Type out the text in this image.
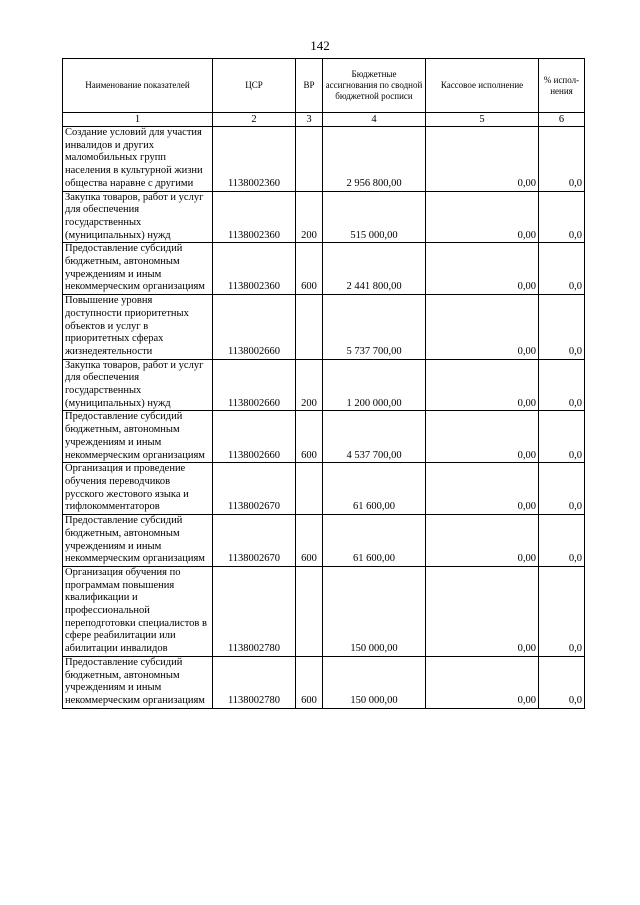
142
Наименование показателей	ЦСР	ВР	Бюджетные ассигнования по сводной бюджетной росписи	Кассовое исполнение	% испол-нения
1	2	3	4	5	6
Создание условий для участия инвалидов и других маломобильных групп населения в культурной жизни общества наравне с другими	1138002360		2 956 800,00	0,00	0,0
Закупка товаров, работ и услуг для обеспечения государственных (муниципальных) нужд	1138002360	200	515 000,00	0,00	0,0
Предоставление субсидий бюджетным, автономным учреждениям и иным некоммерческим организациям	1138002360	600	2 441 800,00	0,00	0,0
Повышение уровня доступности приоритетных объектов и услуг в приоритетных сферах жизнедеятельности	1138002660		5 737 700,00	0,00	0,0
Закупка товаров, работ и услуг для обеспечения государственных (муниципальных) нужд	1138002660	200	1 200 000,00	0,00	0,0
Предоставление субсидий бюджетным, автономным учреждениям и иным некоммерческим организациям	1138002660	600	4 537 700,00	0,00	0,0
Организация и проведение обучения переводчиков русского жестового языка и тифлокомментаторов	1138002670		61 600,00	0,00	0,0
Предоставление субсидий бюджетным, автономным учреждениям и иным некоммерческим организациям	1138002670	600	61 600,00	0,00	0,0
Организация обучения по программам повышения квалификации и профессиональной переподготовки специалистов в сфере реабилитации или абилитации инвалидов	1138002780		150 000,00	0,00	0,0
Предоставление субсидий бюджетным, автономным учреждениям и иным некоммерческим организациям	1138002780	600	150 000,00	0,00	0,0
